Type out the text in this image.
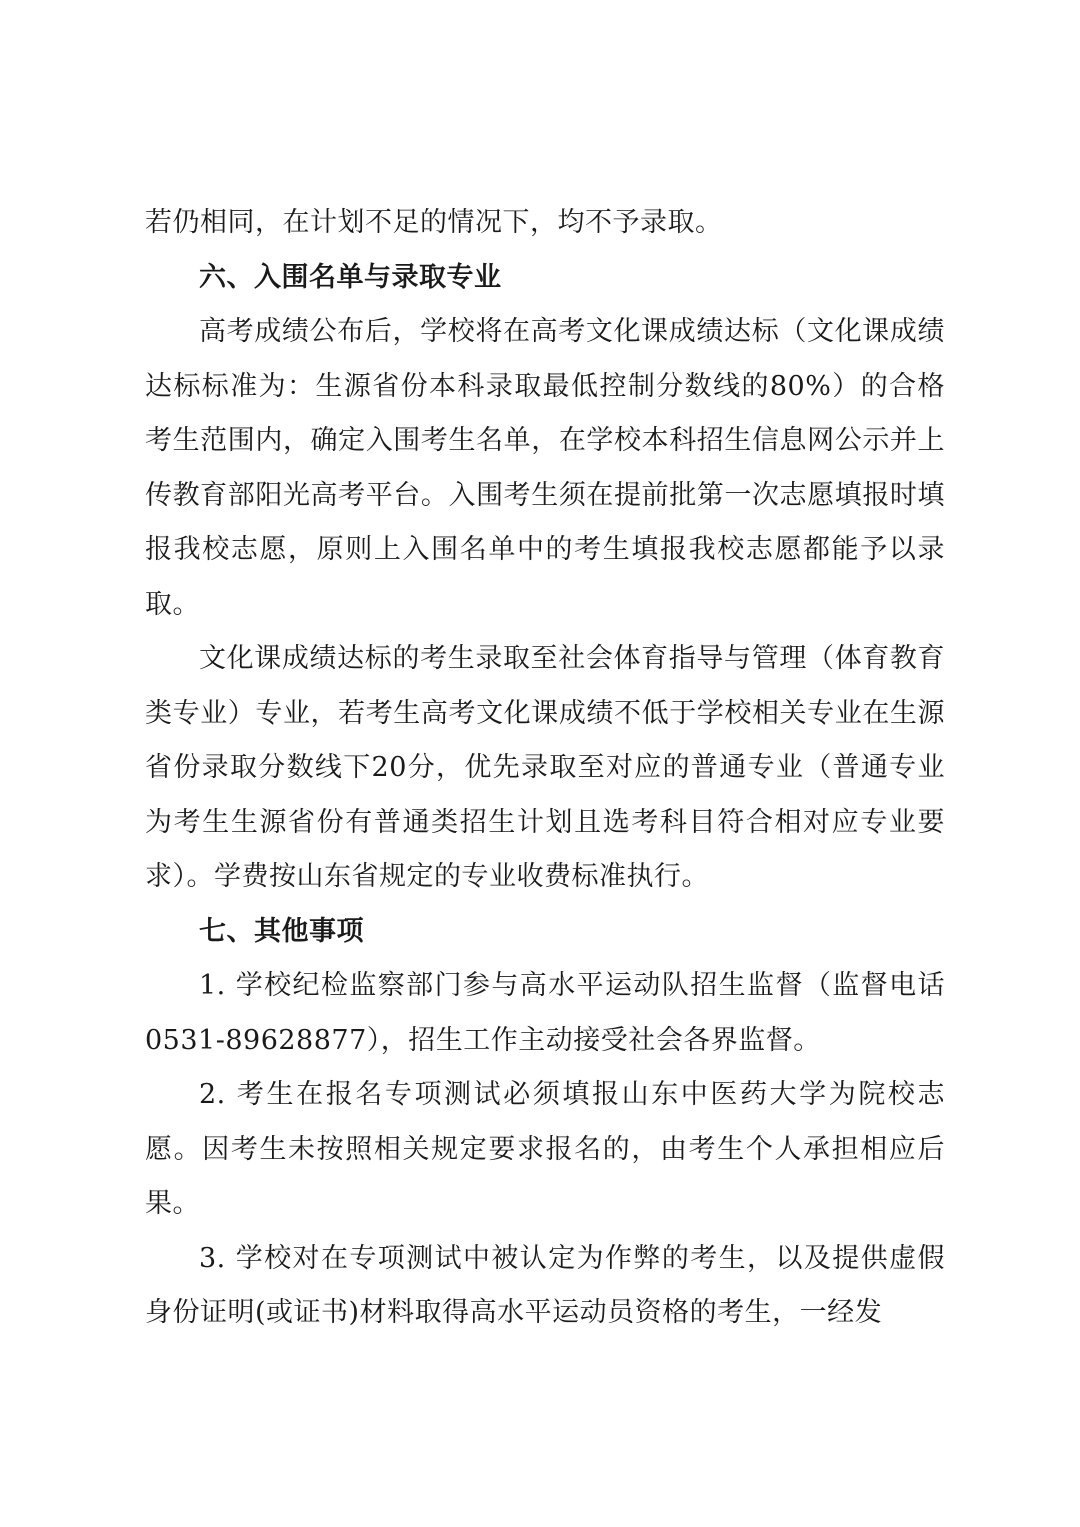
若仍相同，在计划不足的情况下，均不予录取。

六、入围名单与录取专业

高考成绩公布后，学校将在高考文化课成绩达标（文化课成绩达标标准为：生源省份本科录取最低控制分数线的80%）的合格考生范围内，确定入围考生名单，在学校本科招生信息网公示并上传教育部阳光高考平台。入围考生须在提前批第一次志愿填报时填报我校志愿，原则上入围名单中的考生填报我校志愿都能予以录取。

文化课成绩达标的考生录取至社会体育指导与管理（体育教育类专业）专业，若考生高考文化课成绩不低于学校相关专业在生源省份录取分数线下20分，优先录取至对应的普通专业（普通专业为考生生源省份有普通类招生计划且选考科目符合相对应专业要求）。学费按山东省规定的专业收费标准执行。

七、其他事项

1. 学校纪检监察部门参与高水平运动队招生监督（监督电话 0531-89628877），招生工作主动接受社会各界监督。

2. 考生在报名专项测试必须填报山东中医药大学为院校志愿。因考生未按照相关规定要求报名的，由考生个人承担相应后果。

3. 学校对在专项测试中被认定为作弊的考生，以及提供虚假身份证明(或证书)材料取得高水平运动员资格的考生，一经发
